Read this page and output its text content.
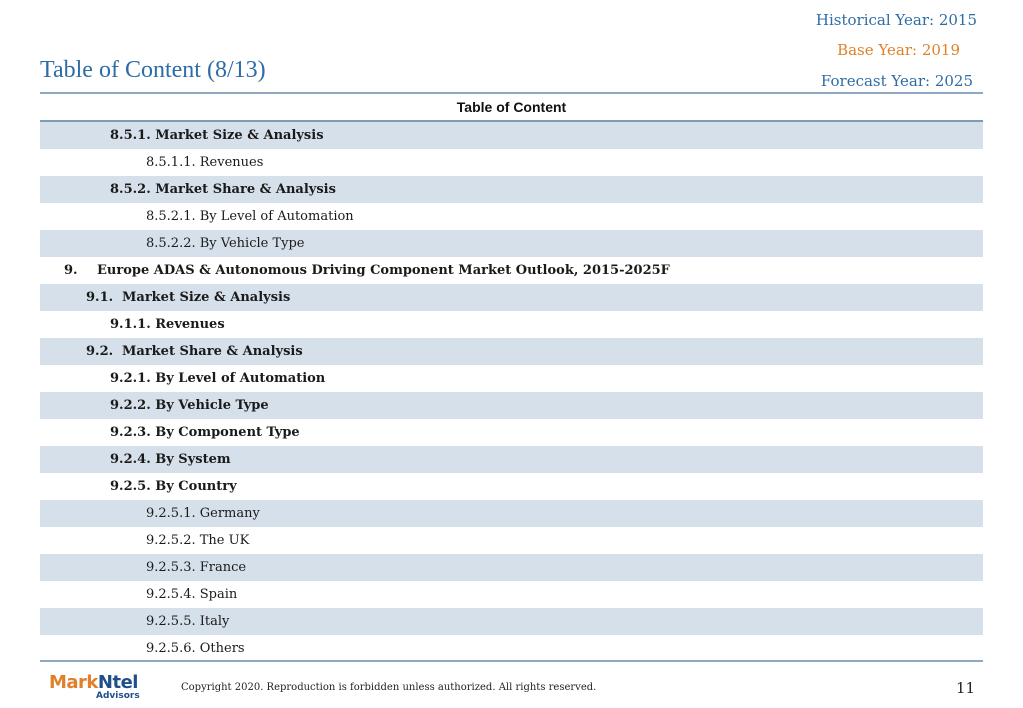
Historical Year: 2015
Base Year: 2019
Forecast Year: 2025
Table of Content (8/13)
Table of Content
8.5.1. Market Size & Analysis
8.5.1.1. Revenues
8.5.2. Market Share & Analysis
8.5.2.1. By Level of Automation
8.5.2.2. By Vehicle Type
9. Europe ADAS & Autonomous Driving Component Market Outlook, 2015-2025F
9.1. Market Size & Analysis
9.1.1. Revenues
9.2. Market Share & Analysis
9.2.1. By Level of Automation
9.2.2. By Vehicle Type
9.2.3. By Component Type
9.2.4. By System
9.2.5. By Country
9.2.5.1. Germany
9.2.5.2. The UK
9.2.5.3. France
9.2.5.4. Spain
9.2.5.5. Italy
9.2.5.6. Others
MarkNtel
Advisors
Copyright 2020. Reproduction is forbidden unless authorized. All rights reserved.	11
